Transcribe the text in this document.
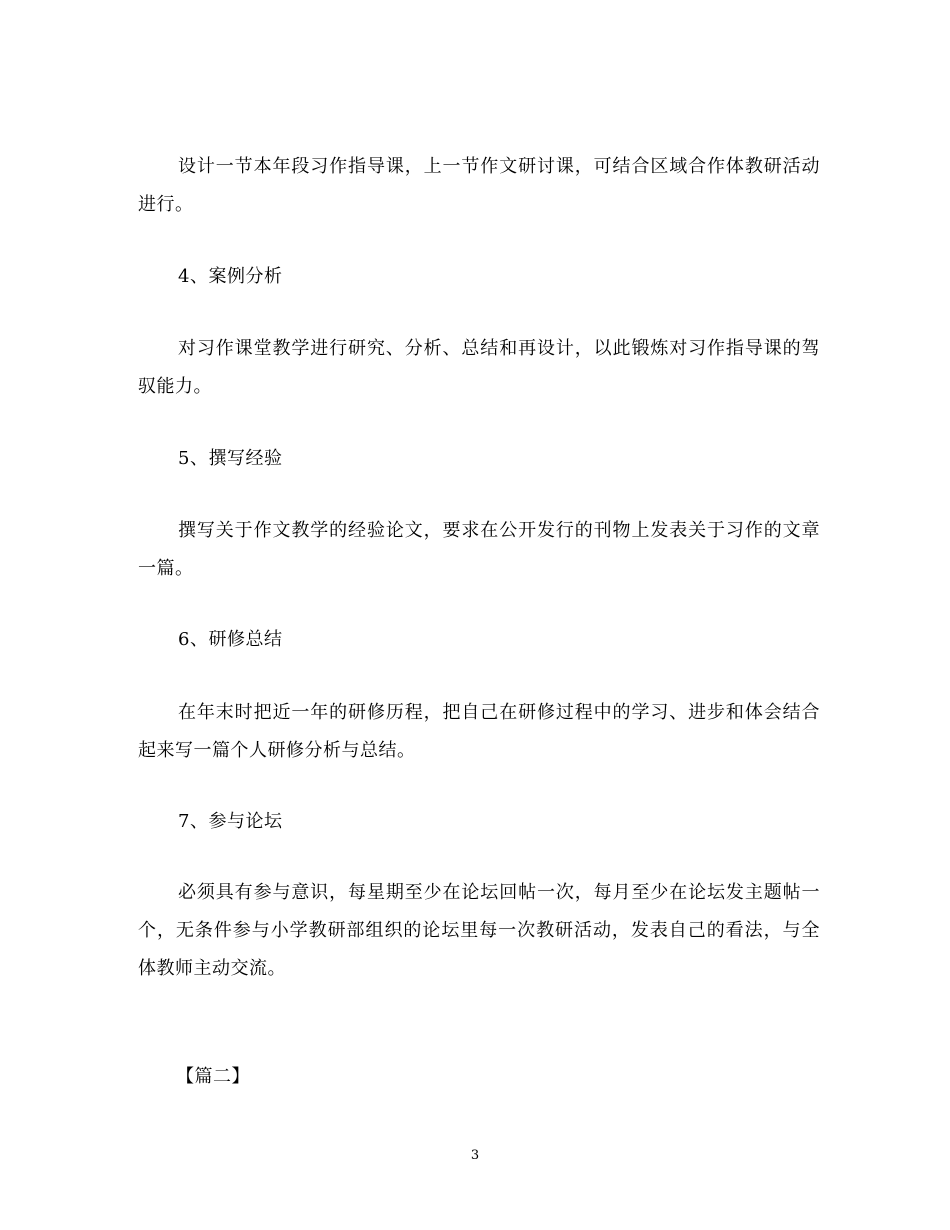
设计一节本年段习作指导课，上一节作文研讨课，可结合区域合作体教研活动进行。

4、案例分析

对习作课堂教学进行研究、分析、总结和再设计，以此锻炼对习作指导课的驾驭能力。

5、撰写经验

撰写关于作文教学的经验论文，要求在公开发行的刊物上发表关于习作的文章一篇。

6、研修总结

在年末时把近一年的研修历程，把自己在研修过程中的学习、进步和体会结合起来写一篇个人研修分析与总结。

7、参与论坛

必须具有参与意识，每星期至少在论坛回帖一次，每月至少在论坛发主题帖一个，无条件参与小学教研部组织的论坛里每一次教研活动，发表自己的看法，与全体教师主动交流。

【篇二】

3
